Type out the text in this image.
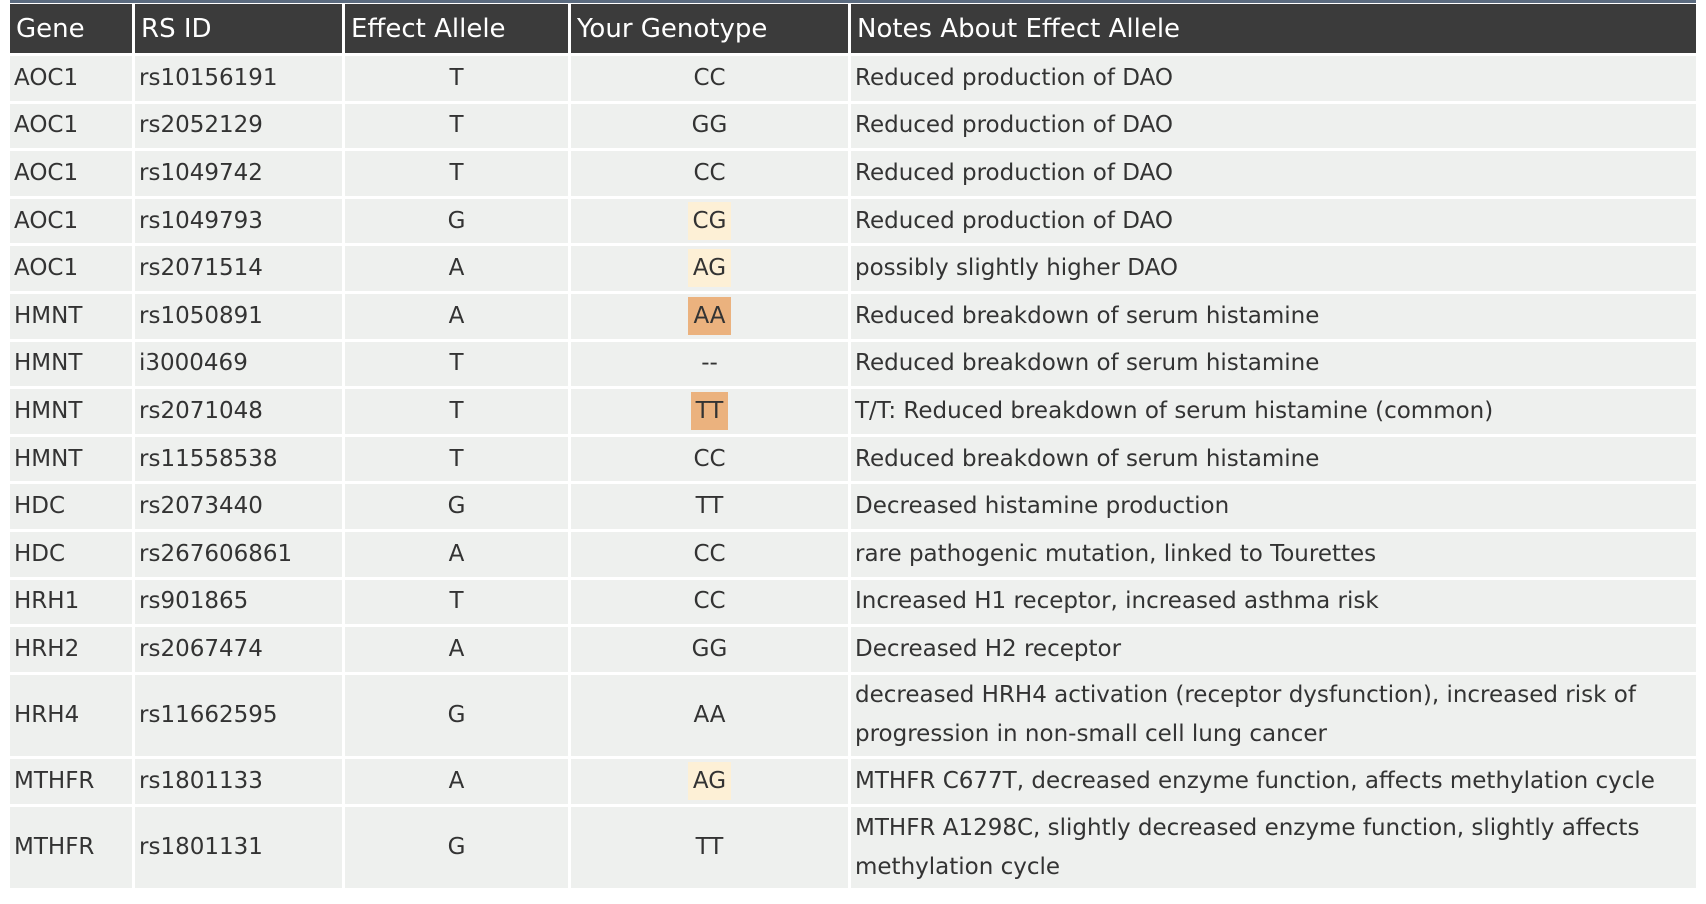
Gene	RS ID	Effect Allele	Your Genotype	Notes About Effect Allele
AOC1	rs10156191	T	CC	Reduced production of DAO
AOC1	rs2052129	T	GG	Reduced production of DAO
AOC1	rs1049742	T	CC	Reduced production of DAO
AOC1	rs1049793	G	CG	Reduced production of DAO
AOC1	rs2071514	A	AG	possibly slightly higher DAO
HMNT	rs1050891	A	AA	Reduced breakdown of serum histamine
HMNT	i3000469	T	--	Reduced breakdown of serum histamine
HMNT	rs2071048	T	TT	T/T: Reduced breakdown of serum histamine (common)
HMNT	rs11558538	T	CC	Reduced breakdown of serum histamine
HDC	rs2073440	G	TT	Decreased histamine production
HDC	rs267606861	A	CC	rare pathogenic mutation, linked to Tourettes
HRH1	rs901865	T	CC	Increased H1 receptor, increased asthma risk
HRH2	rs2067474	A	GG	Decreased H2 receptor
HRH4	rs11662595	G	AA	decreased HRH4 activation (receptor dysfunction), increased risk of progression in non-small cell lung cancer
MTHFR	rs1801133	A	AG	MTHFR C677T, decreased enzyme function, affects methylation cycle
MTHFR	rs1801131	G	TT	MTHFR A1298C, slightly decreased enzyme function, slightly affects methylation cycle
